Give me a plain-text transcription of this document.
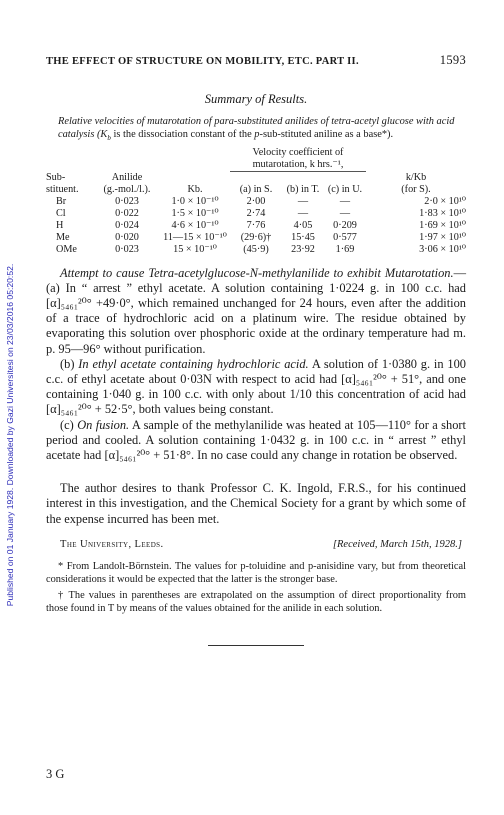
Published on 01 January 1928. Downloaded by Gazi Universitesi on 23/03/2016 05:20:52.
THE EFFECT OF STRUCTURE ON MOBILITY, ETC. PART II.	1593
Summary of Results.
Relative velocities of mutarotation of para-substituted anilides of tetra-acetyl glucose with acid catalysis ($K_b$ is the dissociation constant of the p-sub-stituted aniline as a base*).
			Velocity coefficient of			
			mutarotation, k hrs.⁻¹,			
Sub-	Anilide					k/Kb
stituent.	(g.-mol./l.).	Kb.	(a) in S.	(b) in T.	(c) in U.	(for S).
Br	0·023	1·0 × 10⁻¹⁰	2·00	—	—	2·0 × 10¹⁰
Cl	0·022	1·5 × 10⁻¹⁰	2·74	—	—	1·83 × 10¹⁰
H	0·024	4·6 × 10⁻¹⁰	7·76	4·05	0·209	1·69 × 10¹⁰
Me	0·020	11—15 × 10⁻¹⁰	(29·6)†	15·45	0·577	1·97 × 10¹⁰
OMe	0·023	15 × 10⁻¹⁰	(45·9)	23·92	1·69	3·06 × 10¹⁰

Attempt to cause Tetra-acetylglucose-N-methylanilide to exhibit Mutarotation.—(a) In “ arrest ” ethyl acetate. A solution containing 1·0224 g. in 100 c.c. had [α]₅₄₆₁²⁰° +49·0°, which remained unchanged for 24 hours, even after the addition of a trace of hydrochloric acid on a platinum wire. The residue obtained by evaporating this solution over phosphoric oxide at the ordinary temperature had m. p. 95—96° without purification.

(b) In ethyl acetate containing hydrochloric acid. A solution of 1·0380 g. in 100 c.c. of ethyl acetate about 0·03N with respect to acid had [α]₅₄₆₁²⁰° + 51°, and one containing 1·040 g. in 100 c.c. with only about 1/10 this concentration of acid had [α]₅₄₆₁²⁰° + 52·5°, both values being constant.

(c) On fusion. A sample of the methylanilide was heated at 105—110° for a short period and cooled. A solution containing 1·0432 g. in 100 c.c. in “ arrest ” ethyl acetate had [α]₅₄₆₁²⁰° + 51·8°. In no case could any change in rotation be observed.

The author desires to thank Professor C. K. Ingold, F.R.S., for his continued interest in this investigation, and the Chemical Society for a grant by which some of the expense incurred has been met.

The University, Leeds.	[Received, March 15th, 1928.]

* From Landolt-Börnstein. The values for p-toluidine and p-anisidine vary, but from theoretical considerations it would be expected that the latter is the stronger base.

† The values in parentheses are extrapolated on the assumption of direct proportionality from those found in T by means of the values obtained for the anilide in each solution.

3 G
